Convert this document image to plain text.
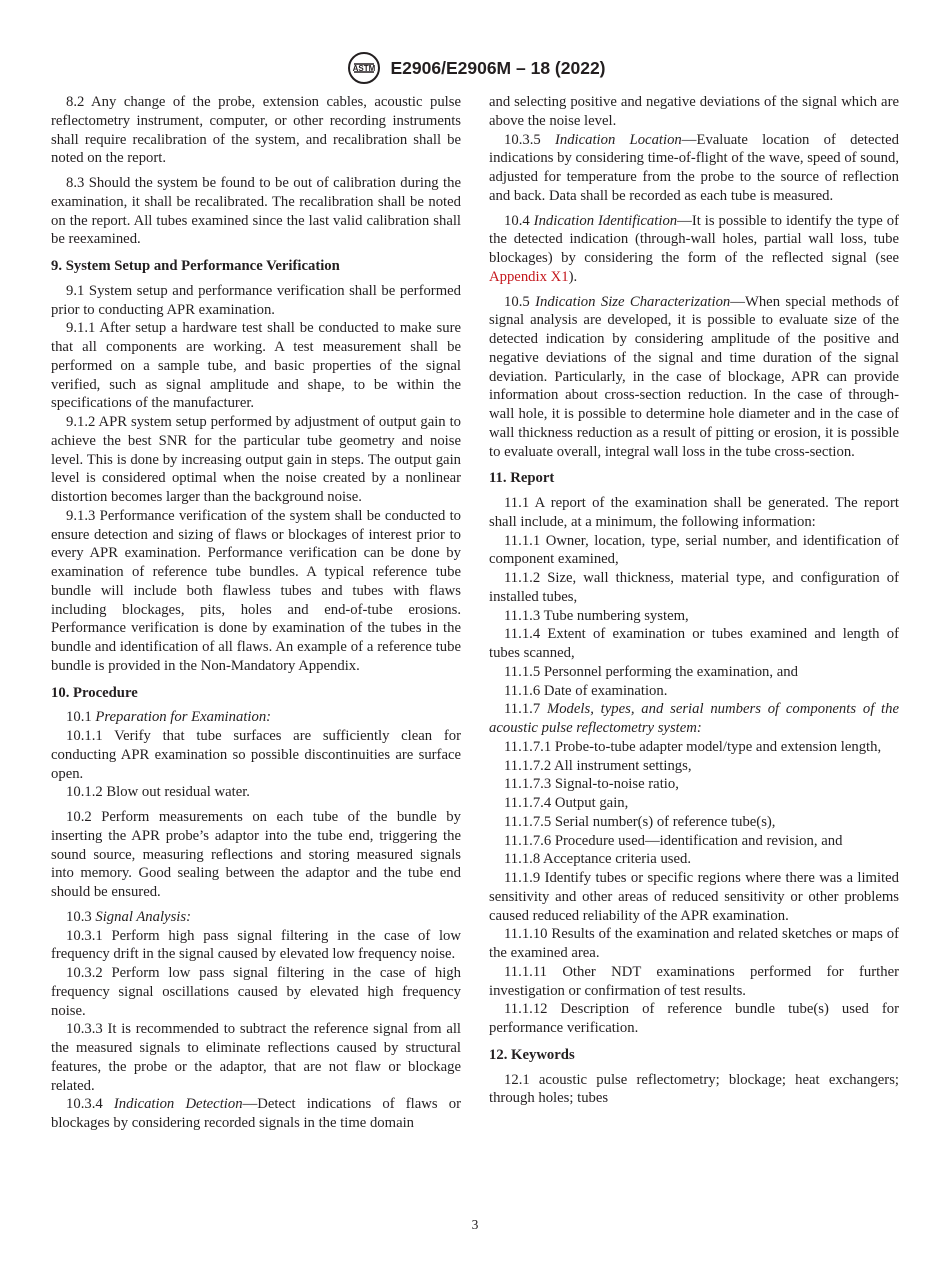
ASTM E2906/E2906M – 18 (2022)

8.2 Any change of the probe, extension cables, acoustic pulse reflectometry instrument, computer, or other recording instruments shall require recalibration of the system, and recalibration shall be noted on the report.

8.3 Should the system be found to be out of calibration during the examination, it shall be recalibrated. The recalibration shall be noted on the report. All tubes examined since the last valid calibration shall be reexamined.

9. System Setup and Performance Verification

9.1 System setup and performance verification shall be performed prior to conducting APR examination.

9.1.1 After setup a hardware test shall be conducted to make sure that all components are working. A test measurement shall be performed on a sample tube, and basic properties of the signal verified, such as signal amplitude and shape, to be within the specifications of the manufacturer.

9.1.2 APR system setup performed by adjustment of output gain to achieve the best SNR for the particular tube geometry and noise level. This is done by increasing output gain in steps. The output gain level is considered optimal when the noise created by a nonlinear distortion becomes larger than the background noise.

9.1.3 Performance verification of the system shall be conducted to ensure detection and sizing of flaws or blockages of interest prior to every APR examination. Performance verification can be done by examination of reference tube bundles. A typical reference tube bundle will include both flawless tubes and tubes with flaws including blockages, pits, holes and end-of-tube erosions. Performance verification is done by examination of the tubes in the bundle and identification of all flaws. An example of a reference tube bundle is provided in the Non-Mandatory Appendix.

10. Procedure

10.1 Preparation for Examination:

10.1.1 Verify that tube surfaces are sufficiently clean for conducting APR examination so possible discontinuities are surface open.

10.1.2 Blow out residual water.

10.2 Perform measurements on each tube of the bundle by inserting the APR probe’s adaptor into the tube end, triggering the sound source, measuring reflections and storing measured signals into memory. Good sealing between the adaptor and the tube end should be ensured.

10.3 Signal Analysis:

10.3.1 Perform high pass signal filtering in the case of low frequency drift in the signal caused by elevated low frequency noise.

10.3.2 Perform low pass signal filtering in the case of high frequency signal oscillations caused by elevated high frequency noise.

10.3.3 It is recommended to subtract the reference signal from all the measured signals to eliminate reflections caused by structural features, the probe or the adaptor, that are not flaw or blockage related.

10.3.4 Indication Detection—Detect indications of flaws or blockages by considering recorded signals in the time domain

and selecting positive and negative deviations of the signal which are above the noise level.

10.3.5 Indication Location—Evaluate location of detected indications by considering time-of-flight of the wave, speed of sound, adjusted for temperature from the probe to the source of reflection and back. Data shall be recorded as each tube is measured.

10.4 Indication Identification—It is possible to identify the type of the detected indication (through-wall holes, partial wall loss, tube blockages) by considering the form of the reflected signal (see Appendix X1).

10.5 Indication Size Characterization—When special methods of signal analysis are developed, it is possible to evaluate size of the detected indication by considering amplitude of the positive and negative deviations of the signal and time duration of the signal deviation. Particularly, in the case of blockage, APR can provide information about cross-section reduction. In the case of through-wall hole, it is possible to determine hole diameter and in the case of wall thickness reduction as a result of pitting or erosion, it is possible to evaluate overall, integral wall loss in the tube cross-section.

11. Report

11.1 A report of the examination shall be generated. The report shall include, at a minimum, the following information:

11.1.1 Owner, location, type, serial number, and identification of component examined,

11.1.2 Size, wall thickness, material type, and configuration of installed tubes,

11.1.3 Tube numbering system,

11.1.4 Extent of examination or tubes examined and length of tubes scanned,

11.1.5 Personnel performing the examination, and

11.1.6 Date of examination.

11.1.7 Models, types, and serial numbers of components of the acoustic pulse reflectometry system:

11.1.7.1 Probe-to-tube adapter model/type and extension length,

11.1.7.2 All instrument settings,

11.1.7.3 Signal-to-noise ratio,

11.1.7.4 Output gain,

11.1.7.5 Serial number(s) of reference tube(s),

11.1.7.6 Procedure used—identification and revision, and

11.1.8 Acceptance criteria used.

11.1.9 Identify tubes or specific regions where there was a limited sensitivity and other areas of reduced sensitivity or other problems caused reduced reliability of the APR examination.

11.1.10 Results of the examination and related sketches or maps of the examined area.

11.1.11 Other NDT examinations performed for further investigation or confirmation of test results.

11.1.12 Description of reference bundle tube(s) used for performance verification.

12. Keywords

12.1 acoustic pulse reflectometry; blockage; heat exchangers; through holes; tubes

3
